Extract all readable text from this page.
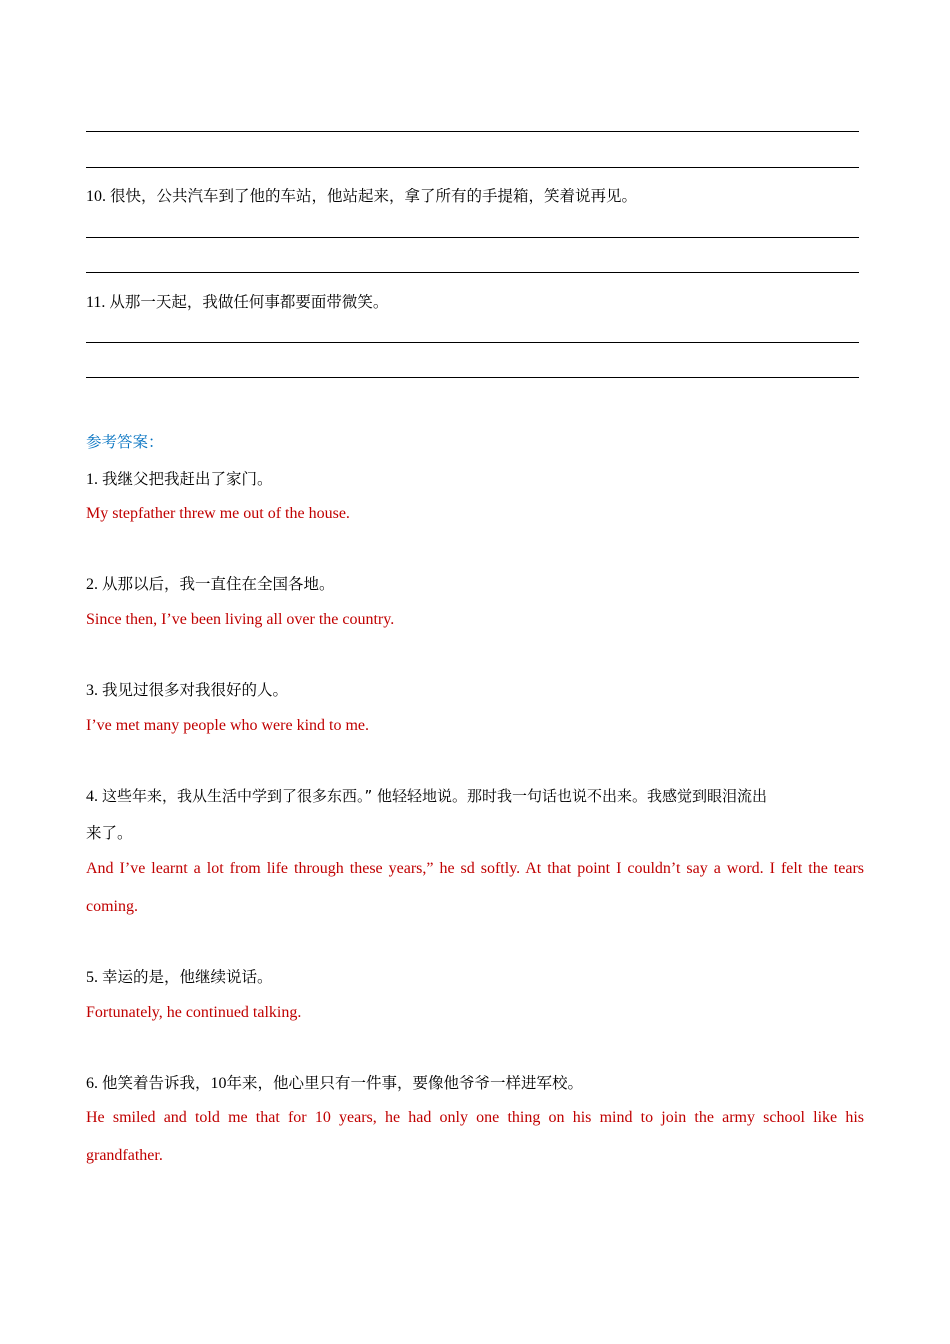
10. 很快，公共汽车到了他的车站，他站起来，拿了所有的手提箱，笑着说再见。
11. 从那一天起，我做任何事都要面带微笑。
参考答案：
1. 我继父把我赶出了家门。
My stepfather threw me out of the house.
2. 从那以后，我一直住在全国各地。
Since then, I’ve been living all over the country.
3. 我见过很多对我很好的人。
I’ve met many people who were kind to me.
4. 这些年来，我从生活中学到了很多东西。” 他轻轻地说。那时我一句话也说不出来。我感觉到眼泪流出
来了。
And I’ve learnt a lot from life through these years,” he sd softly. At that point I couldn’t say a word. I felt the tears
coming.
5. 幸运的是，他继续说话。
Fortunately, he continued talking.
6. 他笑着告诉我，10年来，他心里只有一件事，要像他爷爷一样进军校。
He smiled and told me that for 10 years, he had only one thing on his mind to join the army school like his
grandfather.
